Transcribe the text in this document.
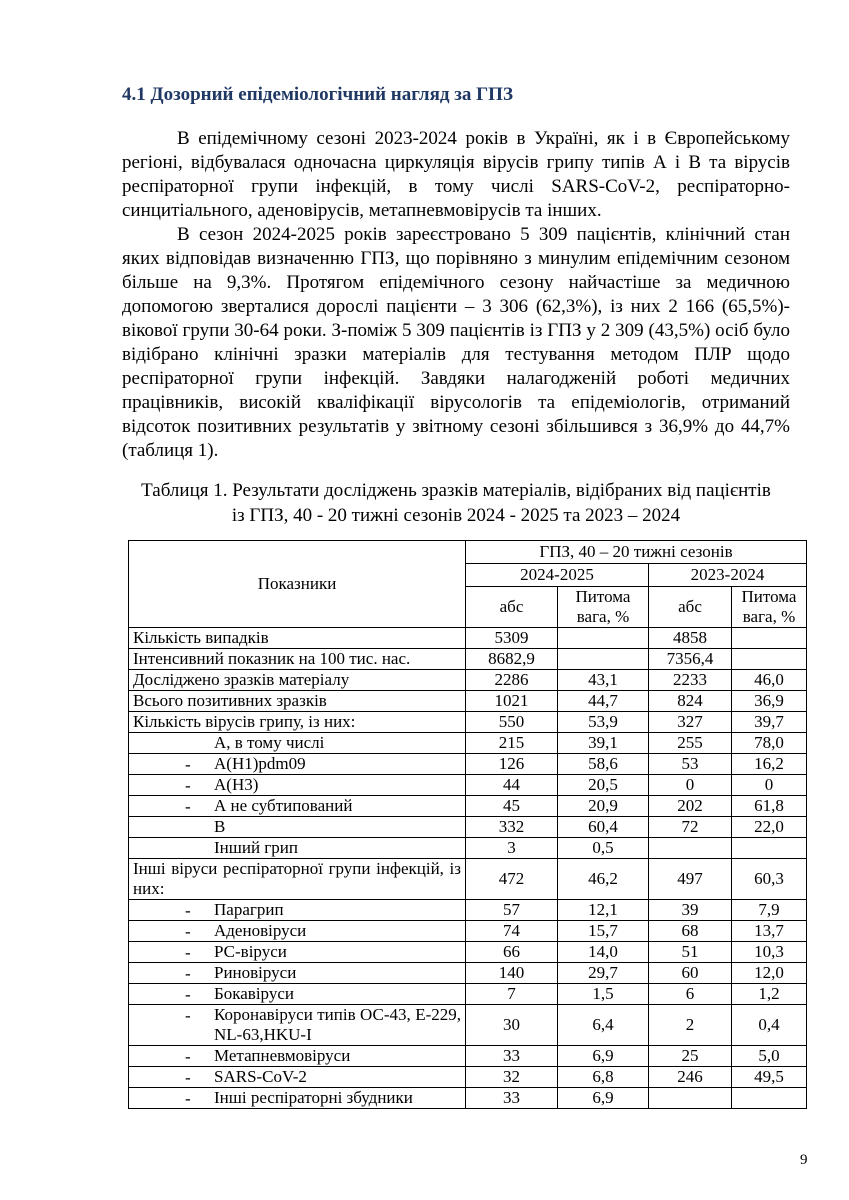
4.1 Дозорний епідеміологічний нагляд за ГПЗ

В епідемічному сезоні 2023-2024 років в Україні, як і в Європейському регіоні, відбувалася одночасна циркуляція вірусів грипу типів А і В та вірусів респіраторної групи інфекцій, в тому числі SARS-CoV-2, респіраторно-синцитіального, аденовірусів, метапневмовірусів та інших.

В сезон 2024-2025 років зареєстровано 5 309 пацієнтів, клінічний стан яких відповідав визначенню ГПЗ, що порівняно з минулим епідемічним сезоном більше на 9,3%. Протягом епідемічного сезону найчастіше за медичною допомогою зверталися дорослі пацієнти – 3 306 (62,3%), із них 2 166 (65,5%)- вікової групи 30-64 роки. З-поміж 5 309 пацієнтів із ГПЗ у 2 309 (43,5%) осіб було відібрано клінічні зразки матеріалів для тестування методом ПЛР щодо респіраторної групи інфекцій. Завдяки налагодженій роботі медичних працівників, високій кваліфікації вірусологів та епідеміологів, отриманий відсоток позитивних результатів у звітному сезоні збільшився з 36,9% до 44,7% (таблиця 1).

Таблиця 1. Результати досліджень зразків матеріалів, відібраних від пацієнтів
із ГПЗ, 40 - 20 тижні сезонів 2024 - 2025 та 2023 – 2024
Показники	ГПЗ, 40 – 20 тижні сезонів			
	2024-2025		2023-2024	
	абс	Питома вага, %	абс	Питома вага, %
Кількість випадків	5309		4858	
Інтенсивний показник на 100 тис. нас.	8682,9		7356,4	
Досліджено зразків матеріалу	2286	43,1	2233	46,0
Всього позитивних зразків	1021	44,7	824	36,9
Кількість вірусів грипу, із них:	550	53,9	327	39,7
А, в тому числі	215	39,1	255	78,0

- A(H1)pdm09	126	58,6	53	16,2

- А(Н3)	44	20,5	0	0

- А не субтипований	45	20,9	202	61,8
В	332	60,4	72	22,0
Інший грип	3	0,5		
Інші віруси респіраторної групи інфекцій, із них:	472	46,2	497	60,3

- Парагрип	57	12,1	39	7,9

- Аденовіруси	74	15,7	68	13,7

- РС-віруси	66	14,0	51	10,3

- Риновіруси	140	29,7	60	12,0

- Бокавіруси	7	1,5	6	1,2

- Коронавіруси типів ОС-43, Е-229, NL-63,HKU-I	30	6,4	2	0,4

- Метапневмовіруси	33	6,9	25	5,0

- SARS-CoV-2	32	6,8	246	49,5

- Інші респіраторні збудники	33	6,9		
9
